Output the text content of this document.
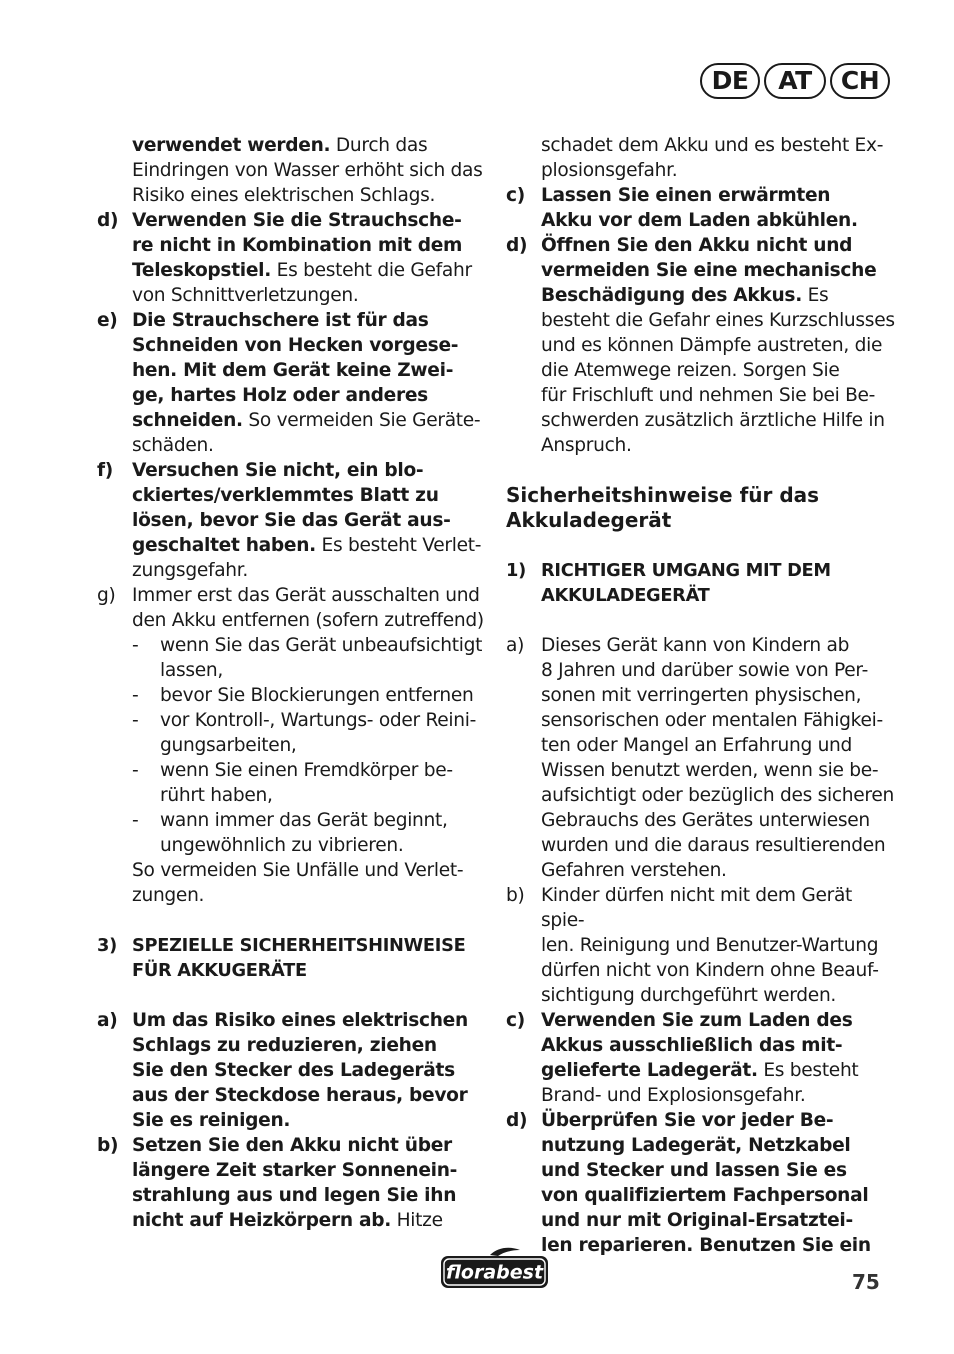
DE	AT	CH
verwendet werden. Durch das Eindringen von Wasser erhöht sich das Risiko eines elektrischen Schlags.
d) Verwenden Sie die Strauchsche-
re nicht in Kombination mit dem
Teleskopstiel. Es besteht die Gefahr
von Schnittverletzungen.
e) Die Strauchschere ist für das
Schneiden von Hecken vorgese-
hen. Mit dem Gerät keine Zwei-
ge, hartes Holz oder anderes
schneiden. So vermeiden Sie Geräte-
schäden.
f)	Versuchen Sie nicht, ein blo-
ckiertes/verklemmtes Blatt zu
lösen, bevor Sie das Gerät aus-
geschaltet haben. Es besteht Verlet-
zungsgefahr.
g) Immer erst das Gerät ausschalten und
den Akku entfernen (sofern zutreffend)
-	wenn Sie das Gerät unbeaufsichtigt
lassen,
-	bevor Sie Blockierungen entfernen
-	vor Kontroll-, Wartungs- oder Reini-
gungsarbeiten,
-	wenn Sie einen Fremdkörper be-
rührt haben,
-	wann immer das Gerät beginnt,
ungewöhnlich zu vibrieren.
So vermeiden Sie Unfälle und Verlet-
zungen.
3) SPEZIELLE SICHERHEITSHINWEISE
FÜR AKKUGERÄTE
a) Um das Risiko eines elektrischen
Schlags zu reduzieren, ziehen
Sie den Stecker des Ladegeräts
aus der Steckdose heraus, bevor
Sie es reinigen.
b) Setzen Sie den Akku nicht über
längere Zeit starker Sonnenein-
strahlung aus und legen Sie ihn
nicht auf Heizkörpern ab. Hitze
schadet dem Akku und es besteht Ex-
plosionsgefahr.
c) Lassen Sie einen erwärmten
Akku vor dem Laden abkühlen.
d) Öffnen Sie den Akku nicht und
vermeiden Sie eine mechanische
Beschädigung des Akkus. Es
besteht die Gefahr eines Kurzschlusses
und es können Dämpfe austreten, die
die Atemwege reizen. Sorgen Sie
für Frischluft und nehmen Sie bei Be-
schwerden zusätzlich ärztliche Hilfe in
Anspruch.
Sicherheitshinweise für das
Akkuladegerät
1) RICHTIGER UMGANG MIT DEM
AKKULADEGERÄT
a) Dieses Gerät kann von Kindern ab
8 Jahren und darüber sowie von Per-
sonen mit verringerten physischen,
sensorischen oder mentalen Fähigkei-
ten oder Mangel an Erfahrung und
Wissen benutzt werden, wenn sie be-
aufsichtigt oder bezüglich des sicheren
Gebrauchs des Gerätes unterwiesen
wurden und die daraus resultierenden
Gefahren verstehen.
b) Kinder dürfen nicht mit dem Gerät spie-
len. Reinigung und Benutzer-Wartung
dürfen nicht von Kindern ohne Beauf-
sichtigung durchgeführt werden.
c) Verwenden Sie zum Laden des
Akkus ausschließlich das mit-
gelieferte Ladegerät. Es besteht
Brand- und Explosionsgefahr.
d) Überprüfen Sie vor jeder Be-
nutzung Ladegerät, Netzkabel
und Stecker und lassen Sie es
von qualifiziertem Fachpersonal
und nur mit Original-Ersatztei-
len reparieren. Benutzen Sie ein
florabest	75
